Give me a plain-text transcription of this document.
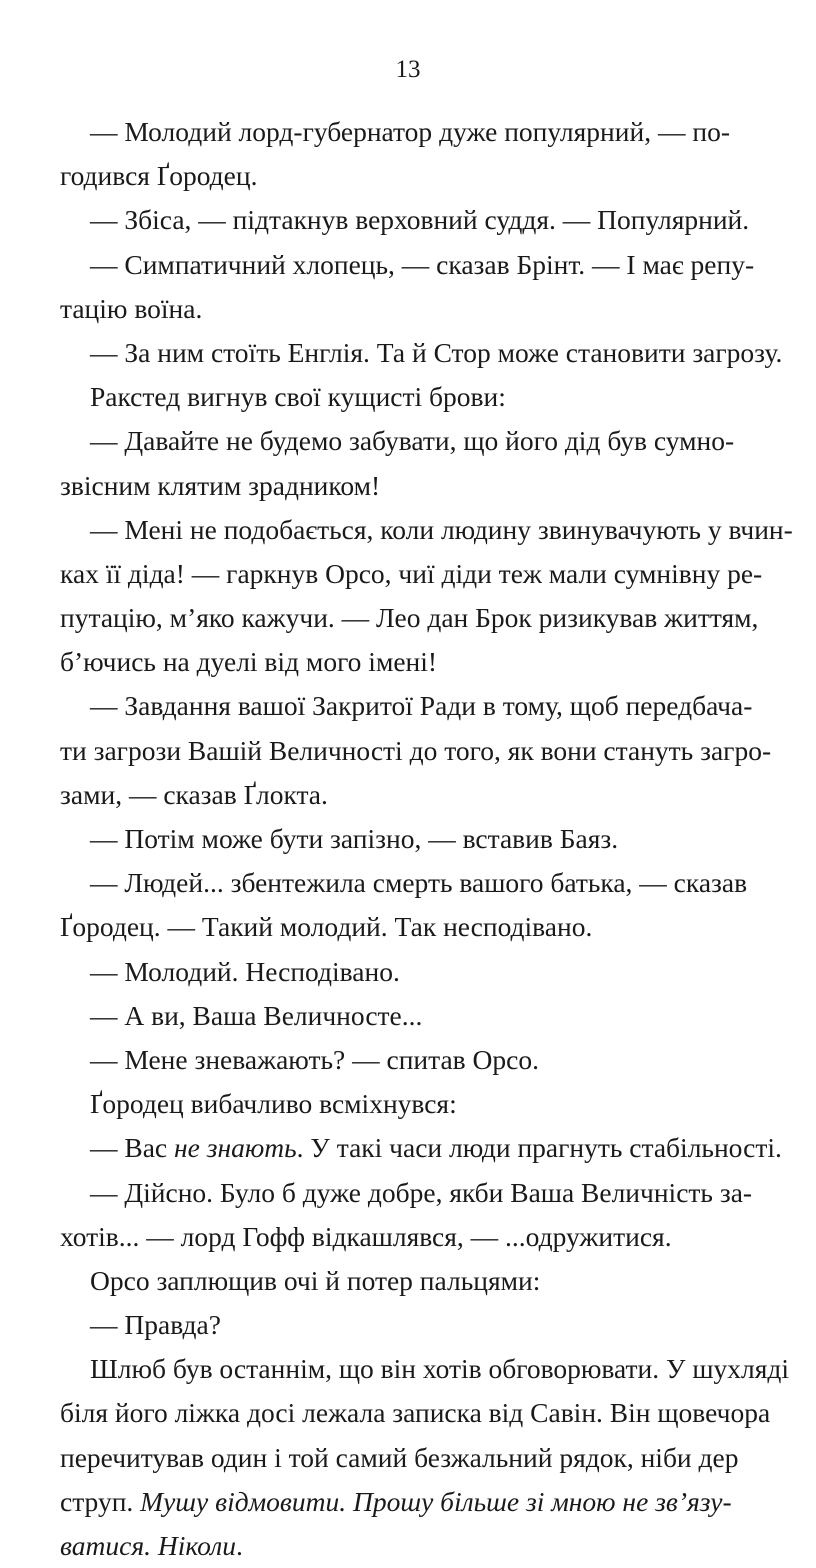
13
— Молодий лорд-губернатор дуже популярний, — по-
годився Ґородец.
— Збіса, — підтакнув верховний суддя. — Популярний.
— Симпатичний хлопець, — сказав Брінт. — І має репу-
тацію воїна.
— За ним стоїть Енглія. Та й Стор може становити загрозу.
Ракстед вигнув свої кущисті брови:
— Давайте не будемо забувати, що його дід був сумно-
звісним клятим зрадником!
— Мені не подобається, коли людину звинувачують у вчин-
ках її діда! — гаркнув Орсо, чиї діди теж мали сумнівну ре-
путацію, м’яко кажучи. — Лео дан Брок ризикував життям,
б’ючись на дуелі від мого імені!
— Завдання вашої Закритої Ради в тому, щоб передбача-
ти загрози Вашій Величності до того, як вони стануть загро-
зами, — сказав Ґлокта.
— Потім може бути запізно, — вставив Баяз.
— Людей... збентежила смерть вашого батька, — сказав
Ґородец. — Такий молодий. Так несподівано.
— Молодий. Несподівано.
— А ви, Ваша Величносте...
— Мене зневажають? — спитав Орсо.
Ґородец вибачливо всміхнувся:
— Вас не знають. У такі часи люди прагнуть стабільності.
— Дійсно. Було б дуже добре, якби Ваша Величність за-
хотів... — лорд Гофф відкашлявся, — ...одружитися.
Орсо заплющив очі й потер пальцями:
— Правда?
Шлюб був останнім, що він хотів обговорювати. У шухляді
біля його ліжка досі лежала записка від Савін. Він щовечора
перечитував один і той самий безжальний рядок, ніби дер
струп. Мушу відмовити. Прошу більше зі мною не зв’язу-
ватися. Ніколи.
